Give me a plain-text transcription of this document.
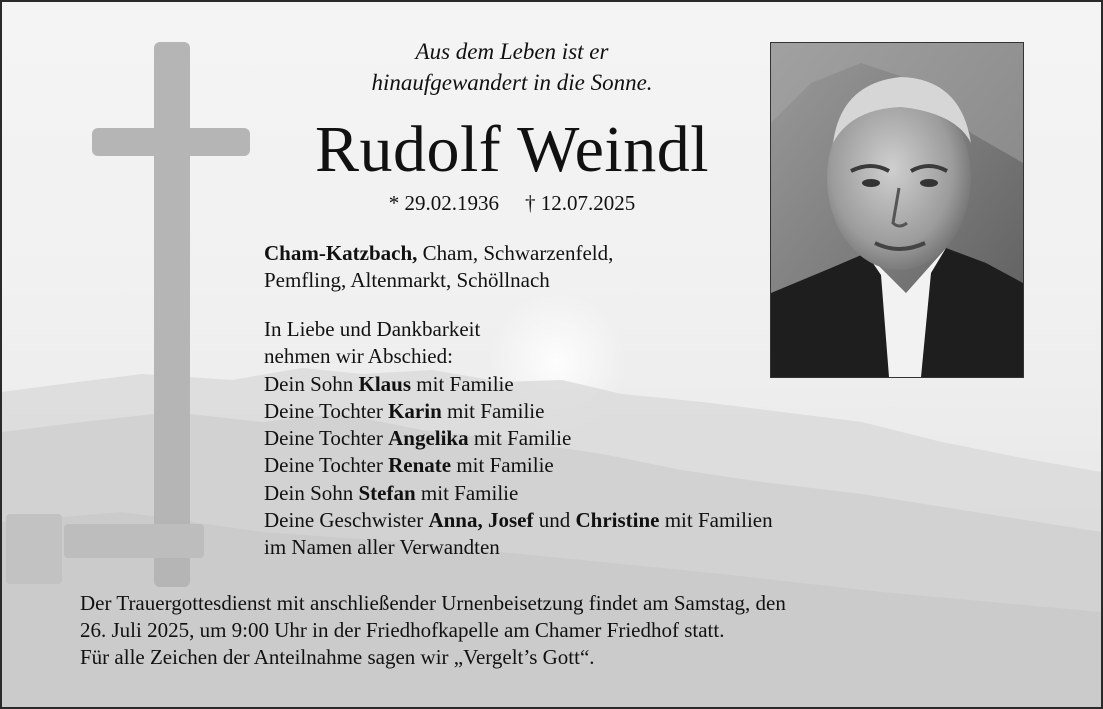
Aus dem Leben ist er
hinaufgewandert in die Sonne.
Rudolf Weindl
* 29.02.1936 † 12.07.2025
Cham-Katzbach, Cham, Schwarzenfeld,
Pemfling, Altenmarkt, Schöllnach
In Liebe und Dankbarkeit
nehmen wir Abschied:
Dein Sohn Klaus mit Familie
Deine Tochter Karin mit Familie
Deine Tochter Angelika mit Familie
Deine Tochter Renate mit Familie
Dein Sohn Stefan mit Familie
Deine Geschwister Anna, Josef und Christine mit Familien
im Namen aller Verwandten
Der Trauergottesdienst mit anschließender Urnenbeisetzung findet am Samstag, den
26. Juli 2025, um 9:00 Uhr in der Friedhofkapelle am Chamer Friedhof statt.
Für alle Zeichen der Anteilnahme sagen wir „Vergelt’s Gott“.
